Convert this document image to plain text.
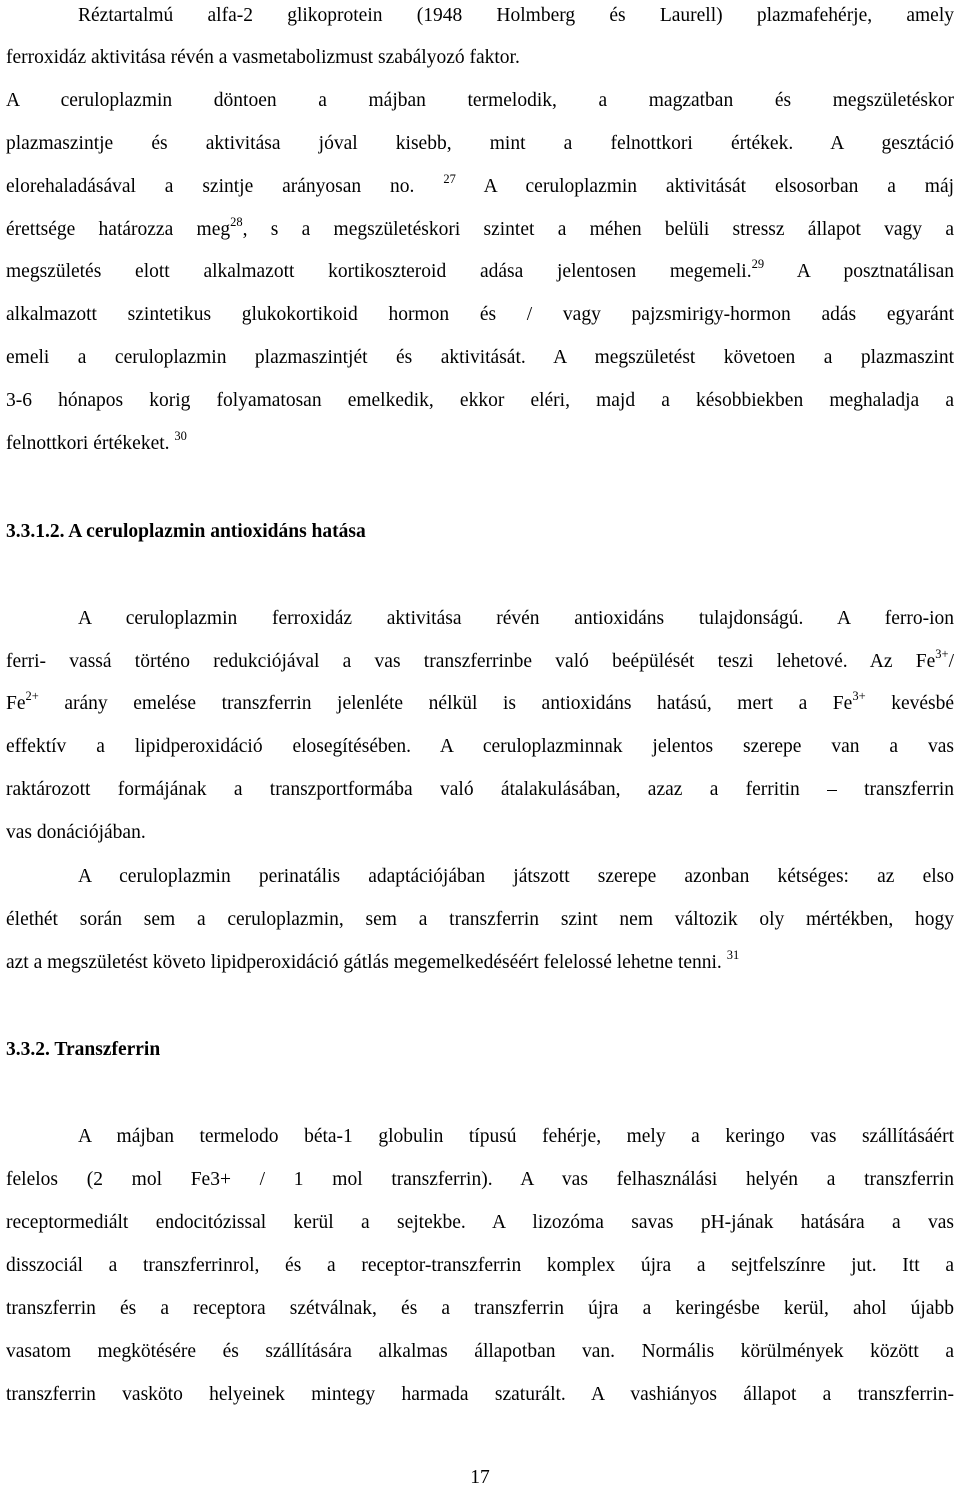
Réztartalmú alfa-2 glikoprotein (1948 Holmberg és Laurell) plazmafehérje, amely
ferroxidáz aktivitása révén a vasmetabolizmust szabályozó faktor.
A ceruloplazmin döntoen a májban termelodik, a magzatban és megszületéskor
plazmaszintje és aktivitása jóval kisebb, mint a felnottkori értékek. A gesztáció
elorehaladásával a szintje arányosan no. $^{27}$ A ceruloplazmin aktivitását elsosorban a máj
érettsége határozza meg$^{28}$, s a megszületéskori szintet a méhen belüli stressz állapot vagy a
megszületés elott alkalmazott kortikoszteroid adása jelentosen megemeli.$^{29}$ A posztnatálisan
alkalmazott szintetikus glukokortikoid hormon és / vagy pajzsmirigy-hormon adás egyaránt
emeli a ceruloplazmin plazmaszintjét és aktivitását. A megszületést követoen a plazmaszint
3-6 hónapos korig folyamatosan emelkedik, ekkor eléri, majd a késobbiekben meghaladja a
felnottkori értékeket. $^{30}$
3.3.1.2. A ceruloplazmin antioxidáns hatása
A ceruloplazmin ferroxidáz aktivitása révén antioxidáns tulajdonságú. A ferro-ion
ferri- vassá történo redukciójával a vas transzferrinbe való beépülését teszi lehetové. Az $Fe^{3+}/$
$Fe^{2+}$ arány emelése transzferrin jelenléte nélkül is antioxidáns hatású, mert a $Fe^{3+}$ kevésbé
effektív a lipidperoxidáció elosegítésében. A ceruloplazminnak jelentos szerepe van a vas
raktározott formájának a transzportformába való átalakulásában, azaz a ferritin – transzferrin
vas donációjában.
A ceruloplazmin perinatális adaptációjában játszott szerepe azonban kétséges: az elso
élethét során sem a ceruloplazmin, sem a transzferrin szint nem változik oly mértékben, hogy
azt a megszületést követo lipidperoxidáció gátlás megemelkedéséért felelossé lehetne tenni. $^{31}$
3.3.2. Transzferrin
A májban termelodo béta-1 globulin típusú fehérje, mely a keringo vas szállításáért
felelos (2 mol Fe3+ / 1 mol transzferrin). A vas felhasználási helyén a transzferrin
receptormediált endocitózissal kerül a sejtekbe. A lizozóma savas pH-jának hatására a vas
disszociál a transzferrinrol, és a receptor-transzferrin komplex újra a sejtfelszínre jut. Itt a
transzferrin és a receptora szétválnak, és a transzferrin újra a keringésbe kerül, ahol újabb
vasatom megkötésére és szállítására alkalmas állapotban van. Normális körülmények között a
transzferrin vasköto helyeinek mintegy harmada szaturált. A vashiányos állapot a transzferrin-
17
